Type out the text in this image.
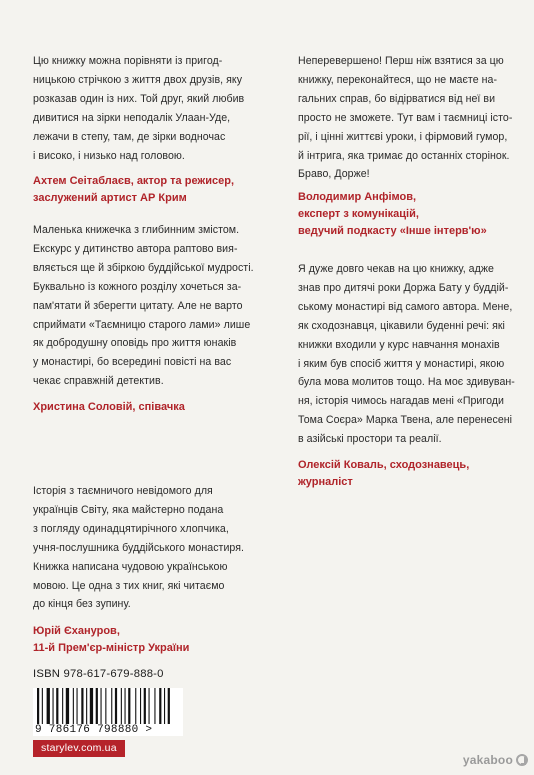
Цю книжку можна порівняти із пригод-
ницькою стрічкою з життя двох друзів, яку
розказав один із них. Той друг, який любив
дивитися на зірки неподалік Улаан-Уде,
лежачи в степу, там, де зірки водночас
і високо, і низько над головою.

Ахтем Сеітаблаєв, актор та режисер,
заслужений артист АР Крим

Маленька книжечка з глибинним змістом.
Екскурс у дитинство автора раптово вия-
вляється ще й збіркою буддійської мудрості.
Буквально із кожного розділу хочеться за-
пам'ятати й зберегти цитату. Але не варто
сприймати «Таємницю старого лами» лише
як добродушну оповідь про життя юнаків
у монастирі, бо всередині повісті на вас
чекає справжній детектив.

Христина Соловій, співачка

Історія з таємничого невідомого для
українців Світу, яка майстерно подана
з погляду одинадцятирічного хлопчика,
учня-послушника буддійського монастиря.
Книжка написана чудовою українською
мовою. Це одна з тих книг, які читаємо
до кінця без зупину.

Юрій Єхануров,
11-й Прем'єр-міністр України

Неперевершено! Перш ніж взятися за цю
книжку, переконайтеся, що не маєте на-
гальних справ, бо відірватися від неї ви
просто не зможете. Тут вам і таємниці істо-
рії, і цінні життєві уроки, і фірмовий гумор,
й інтрига, яка тримає до останніх сторінок.
Браво, Дорже!

Володимир Анфімов,
експерт з комунікацій,
ведучий подкасту «Інше інтерв'ю»

Я дуже довго чекав на цю книжку, адже
знав про дитячі роки Доржа Бату у буддій-
ському монастирі від самого автора. Мене,
як сходознавця, цікавили буденні речі: які
книжки входили у курс навчання монахів
і яким був спосіб життя у монастирі, якою
була мова молитов тощо. На моє здивуван-
ня, історія чимось нагадав мені «Пригоди
Тома Соєра» Марка Твена, але перенесені
в азійські простори та реалії.

Олексій Коваль, сходознавець,
журналіст

ISBN 978-617-679-888-0
9 786176 798880 >
starylev.com.ua
yakaboo
